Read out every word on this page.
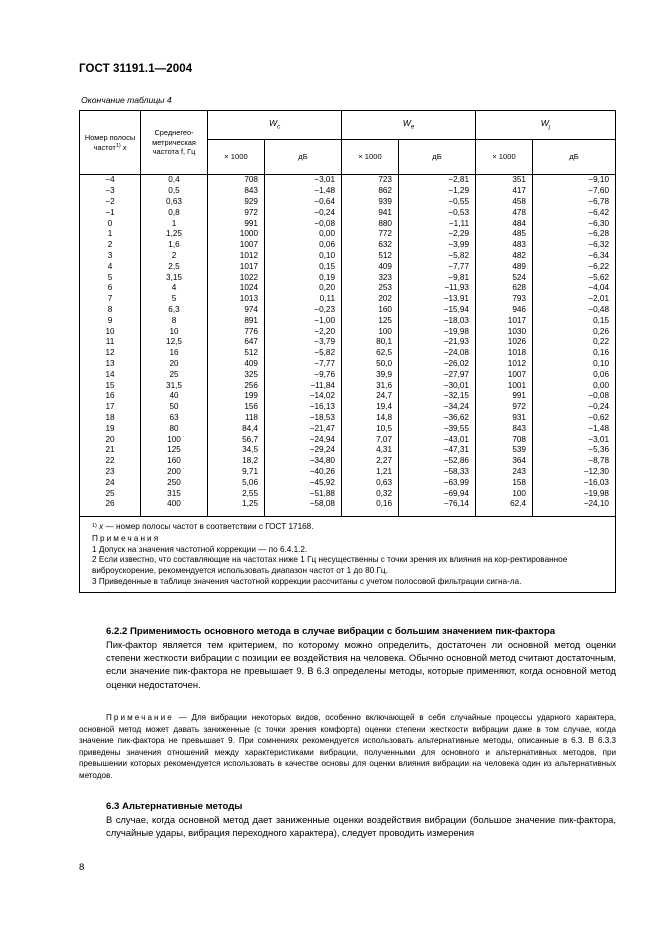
ГОСТ 31191.1—2004
Окончание таблицы 4
Номер полосы частот$^{1)}$ x	Среднегео-метрическая частота f, Гц	$W_c$		$W_e$		$W_j$
		× 1000	дБ	× 1000	дБ	× 1000	дБ
−4	0,4	708	−3,01	723	−2,81	351	−9,10
−3	0,5	843	−1,48	862	−1,29	417	−7,60
−2	0,63	929	−0,64	939	−0,55	458	−6,78
−1	0,8	972	−0,24	941	−0,53	478	−6,42
0	1	991	−0,08	880	−1,11	484	−6,30
1	1,25	1000	0,00	772	−2,29	485	−6,28
2	1,6	1007	0,06	632	−3,99	483	−6,32
3	2	1012	0,10	512	−5,82	482	−6,34
4	2,5	1017	0,15	409	−7,77	489	−6,22
5	3,15	1022	0,19	323	−9,81	524	−5,62
6	4	1024	0,20	253	−11,93	628	−4,04
7	5	1013	0,11	202	−13,91	793	−2,01
8	6,3	974	−0,23	160	−15,94	946	−0,48
9	8	891	−1,00	125	−18,03	1017	0,15
10	10	776	−2,20	100	−19,98	1030	0,26
11	12,5	647	−3,79	80,1	−21,93	1026	0,22
12	16	512	−5,82	62,5	−24,08	1018	0,16
13	20	409	−7,77	50,0	−26,02	1012	0,10
14	25	325	−9,76	39,9	−27,97	1007	0,06
15	31,5	256	−11,84	31,6	−30,01	1001	0,00
16	40	199	−14,02	24,7	−32,15	991	−0,08
17	50	156	−16,13	19,4	−34,24	972	−0,24
18	63	118	−18,53	14,8	−36,62	931	−0,62
19	80	84,4	−21,47	10,5	−39,55	843	−1,48
20	100	56,7	−24,94	7,07	−43,01	708	−3,01
21	125	34,5	−29,24	4,31	−47,31	539	−5,36
22	160	18,2	−34,80	2,27	−52,86	364	−8,78
23	200	9,71	−40,26	1,21	−58,33	243	−12,30
24	250	5,06	−45,92	0,63	−63,99	158	−16,03
25	315	2,55	−51,88	0,32	−69,94	100	−19,98
26	400	1,25	−58,08	0,16	−76,14	62,4	−24,10

$^{1)}$ x — номер полосы частот в соответствии с ГОСТ 17168.

Примечания

1 Допуск на значения частотной коррекции — по 6.4.1.2.

2 Если известно, что составляющие на частотах ниже 1 Гц несущественны с точки зрения их влияния на кор-ректированное виброускорение, рекомендуется использовать диапазон частот от 1 до 80 Гц.

3 Приведенные в таблице значения частотной коррекции рассчитаны с учетом полосовой фильтрации сигна-ла.							

6.2.2 Применимость основного метода в случае вибрации с большим значением пик-фактора
Пик-фактор является тем критерием, по которому можно определить, достаточен ли основной метод оценки степени жесткости вибрации с позиции ее воздействия на человека. Обычно основной метод считают достаточным, если значение пик-фактора не превышает 9. В 6.3 определены методы, которые применяют, когда основной метод оценки недостаточен.
Примечание — Для вибрации некоторых видов, особенно включающей в себя случайные процессы ударного характера, основной метод может давать заниженные (с точки зрения комфорта) оценки степени жесткости вибрации даже в том случае, когда значение пик-фактора не превышает 9. При сомнениях рекомендуется использовать альтернативные методы, описанные в 6.3. В 6.3.3 приведены значения отношений между характеристиками вибрации, полученными для основного и альтернативных методов, при превышении которых рекомендуется использовать в качестве основы для оценки влияния вибрации на человека один из альтернативных методов.
6.3 Альтернативные методы
В случае, когда основной метод дает заниженные оценки воздействия вибрации (большое значение пик-фактора, случайные удары, вибрация переходного характера), следует проводить измерения
8
